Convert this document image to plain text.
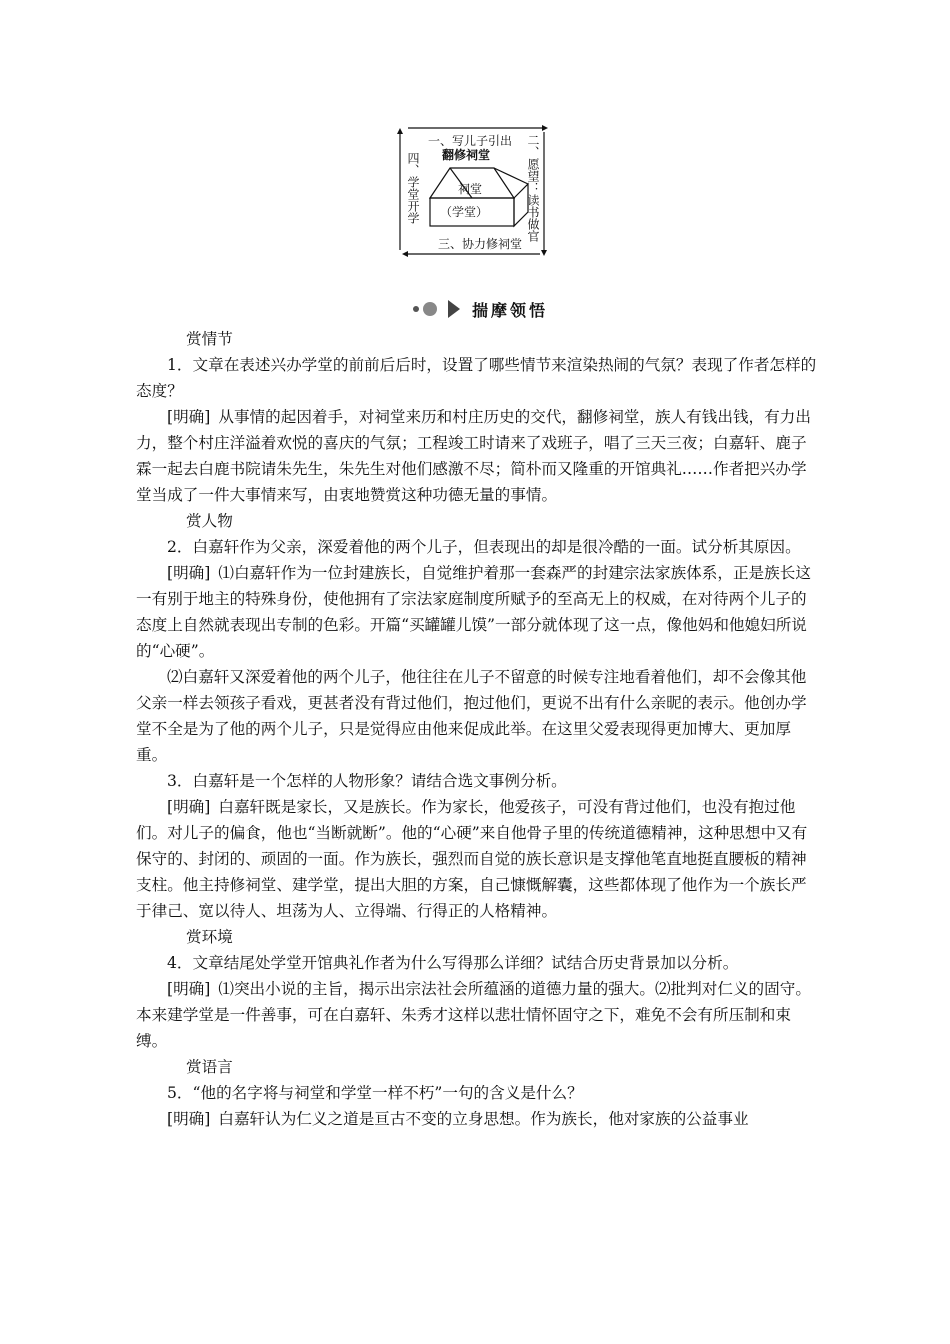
一、写儿子引出
翻修祠堂	二、愿望：读书做官
三、协力修祠堂
四、学堂开学	祠堂
（学堂）
揣摩领悟

赏情节

1．文章在表述兴办学堂的前前后后时，设置了哪些情节来渲染热闹的气氛？表现了作者怎样的态度？

[明确] 从事情的起因着手，对祠堂来历和村庄历史的交代，翻修祠堂，族人有钱出钱，有力出力，整个村庄洋溢着欢悦的喜庆的气氛；工程竣工时请来了戏班子，唱了三天三夜；白嘉轩、鹿子霖一起去白鹿书院请朱先生，朱先生对他们感激不尽；简朴而又隆重的开馆典礼……作者把兴办学堂当成了一件大事情来写，由衷地赞赏这种功德无量的事情。

赏人物

2．白嘉轩作为父亲，深爱着他的两个儿子，但表现出的却是很冷酷的一面。试分析其原因。

[明确] ⑴白嘉轩作为一位封建族长，自觉维护着那一套森严的封建宗法家族体系，正是族长这一有别于地主的特殊身份，使他拥有了宗法家庭制度所赋予的至高无上的权威，在对待两个儿子的态度上自然就表现出专制的色彩。开篇“买罐罐儿馍”一部分就体现了这一点，像他妈和他媳妇所说的“心硬”。

⑵白嘉轩又深爱着他的两个儿子，他往往在儿子不留意的时候专注地看着他们，却不会像其他父亲一样去领孩子看戏，更甚者没有背过他们，抱过他们，更说不出有什么亲昵的表示。他创办学堂不全是为了他的两个儿子，只是觉得应由他来促成此举。在这里父爱表现得更加博大、更加厚重。

3．白嘉轩是一个怎样的人物形象？请结合选文事例分析。

[明确] 白嘉轩既是家长，又是族长。作为家长，他爱孩子，可没有背过他们，也没有抱过他们。对儿子的偏食，他也“当断就断”。他的“心硬”来自他骨子里的传统道德精神，这种思想中又有保守的、封闭的、顽固的一面。作为族长，强烈而自觉的族长意识是支撑他笔直地挺直腰板的精神支柱。他主持修祠堂、建学堂，提出大胆的方案，自己慷慨解囊，这些都体现了他作为一个族长严于律己、宽以待人、坦荡为人、立得端、行得正的人格精神。

赏环境

4．文章结尾处学堂开馆典礼作者为什么写得那么详细？试结合历史背景加以分析。

[明确] ⑴突出小说的主旨，揭示出宗法社会所蕴涵的道德力量的强大。⑵批判对仁义的固守。本来建学堂是一件善事，可在白嘉轩、朱秀才这样以悲壮情怀固守之下，难免不会有所压制和束缚。

赏语言

5．“他的名字将与祠堂和学堂一样不朽”一句的含义是什么？

[明确] 白嘉轩认为仁义之道是亘古不变的立身思想。作为族长，他对家族的公益事业
